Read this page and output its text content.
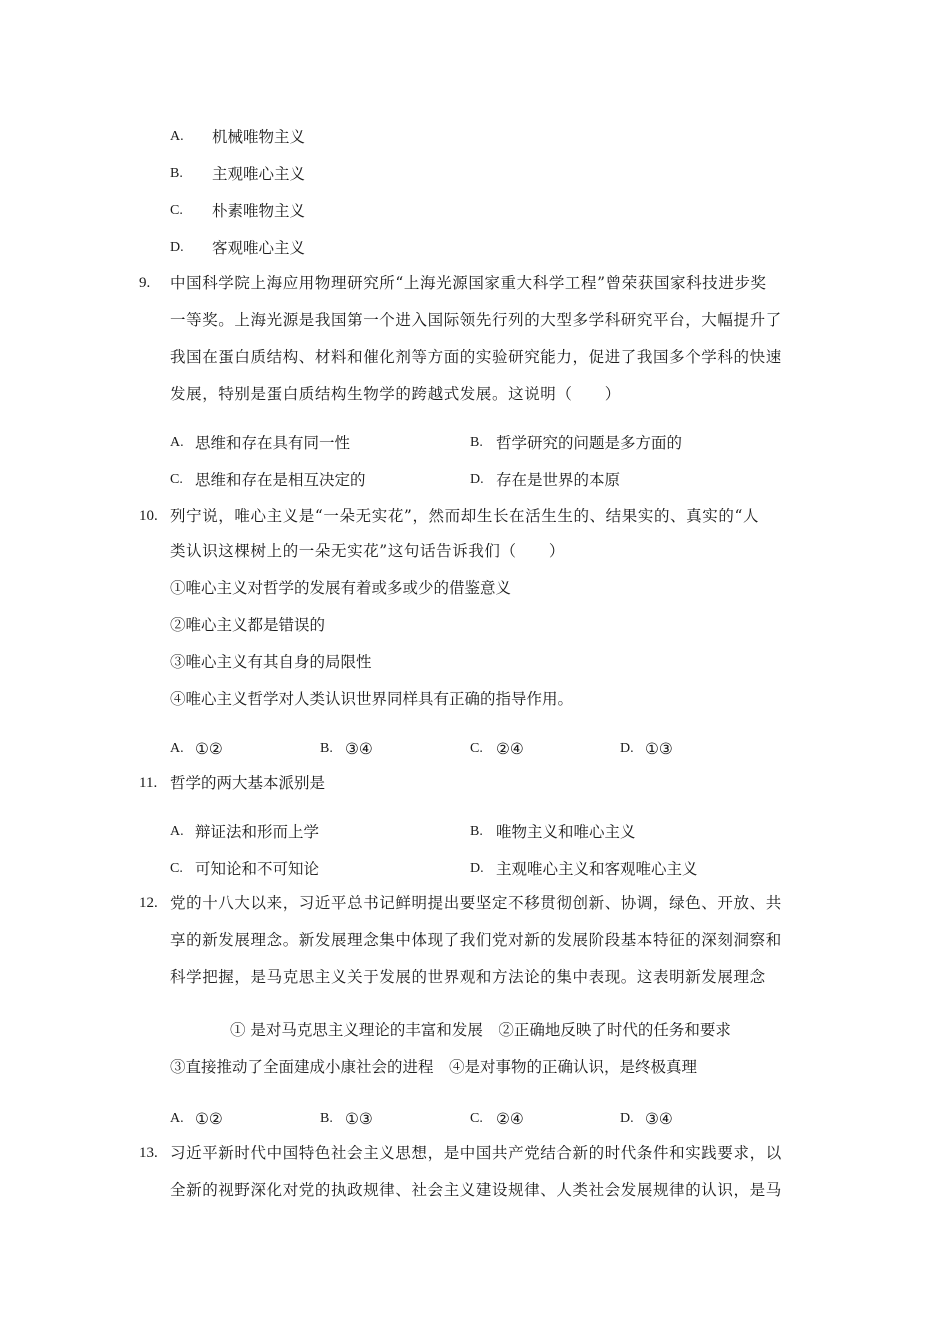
A. 机械唯物主义
B. 主观唯心主义
C. 朴素唯物主义
D. 客观唯心主义
9. 中国科学院上海应用物理研究所“上海光源国家重大科学工程”曾荣获国家科技进步奖
一等奖。上海光源是我国第一个进入国际领先行列的大型多学科研究平台，大幅提升了
我国在蛋白质结构、材料和催化剂等方面的实验研究能力，促进了我国多个学科的快速
发展，特别是蛋白质结构生物学的跨越式发展。这说明（　　）
A. 思维和存在具有同一性	B. 哲学研究的问题是多方面的
C. 思维和存在是相互决定的	D. 存在是世界的本原
10. 列宁说，唯心主义是“一朵无实花”，然而却生长在活生生的、结果实的、真实的“人
类认识这棵树上的一朵无实花”这句话告诉我们（　　）
①唯心主义对哲学的发展有着或多或少的借鉴意义
②唯心主义都是错误的
③唯心主义有其自身的局限性
④唯心主义哲学对人类认识世界同样具有正确的指导作用。
A. ①②	B. ③④	C. ②④	D. ①③
11. 哲学的两大基本派别是
A. 辩证法和形而上学	B. 唯物主义和唯心主义
C. 可知论和不可知论	D. 主观唯心主义和客观唯心主义
12. 党的十八大以来，习近平总书记鲜明提出要坚定不移贯彻创新、协调，绿色、开放、共
享的新发展理念。新发展理念集中体现了我们党对新的发展阶段基本特征的深刻洞察和
科学把握，是马克思主义关于发展的世界观和方法论的集中表现。这表明新发展理念
① 是对马克思主义理论的丰富和发展　②正确地反映了时代的任务和要求
③直接推动了全面建成小康社会的进程　④是对事物的正确认识，是终极真理
A. ①②	B. ①③	C. ②④	D. ③④
13. 习近平新时代中国特色社会主义思想，是中国共产党结合新的时代条件和实践要求，以
全新的视野深化对党的执政规律、社会主义建设规律、人类社会发展规律的认识，是马
